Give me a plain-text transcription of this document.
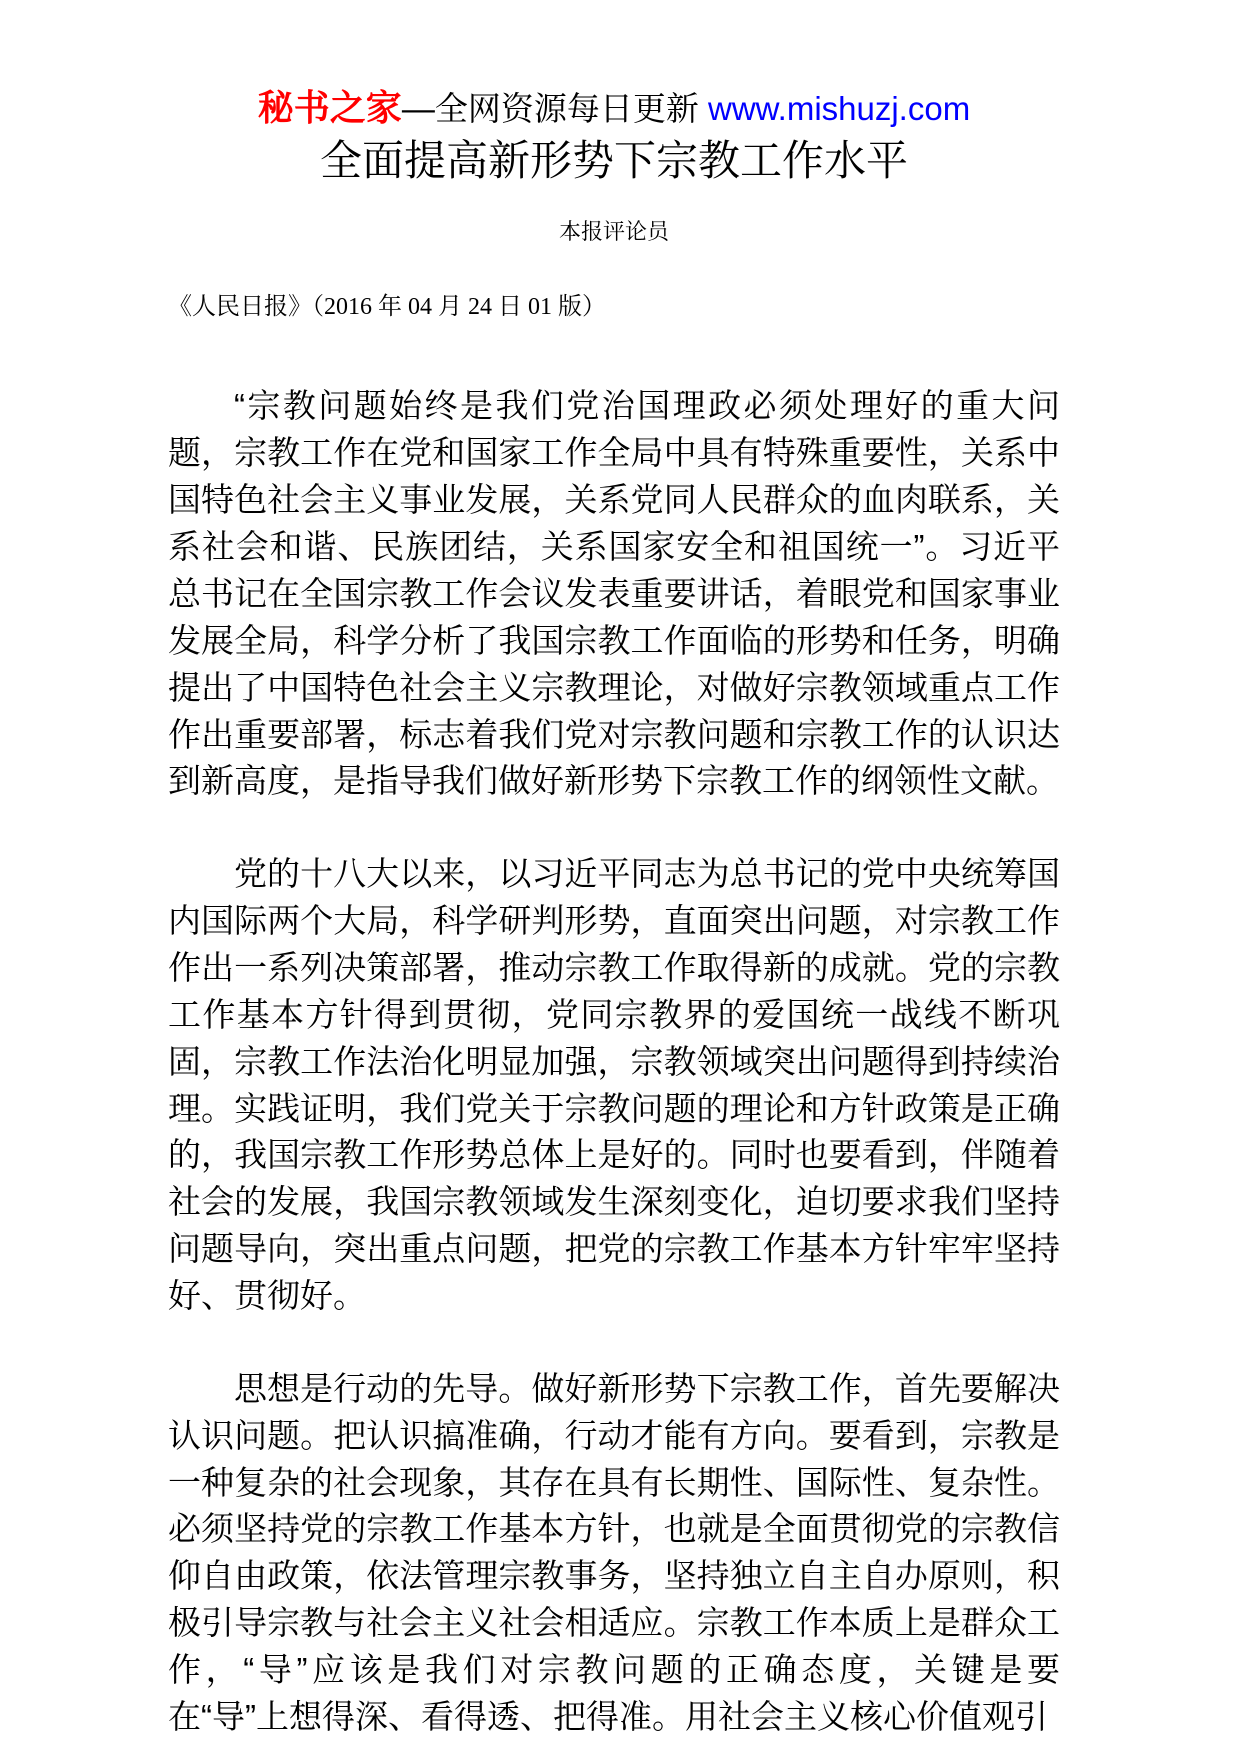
秘书之家—全网资源每日更新 www.mishuzj.com
全面提高新形势下宗教工作水平
本报评论员
《人民日报》（2016 年 04 月 24 日 01 版）

“宗教问题始终是我们党治国理政必须处理好的重大问题，宗教工作在党和国家工作全局中具有特殊重要性，关系中国特色社会主义事业发展，关系党同人民群众的血肉联系，关系社会和谐、民族团结，关系国家安全和祖国统一”。习近平总书记在全国宗教工作会议发表重要讲话，着眼党和国家事业发展全局，科学分析了我国宗教工作面临的形势和任务，明确提出了中国特色社会主义宗教理论，对做好宗教领域重点工作作出重要部署，标志着我们党对宗教问题和宗教工作的认识达到新高度，是指导我们做好新形势下宗教工作的纲领性文献。

党的十八大以来，以习近平同志为总书记的党中央统筹国内国际两个大局，科学研判形势，直面突出问题，对宗教工作作出一系列决策部署，推动宗教工作取得新的成就。党的宗教工作基本方针得到贯彻，党同宗教界的爱国统一战线不断巩固，宗教工作法治化明显加强，宗教领域突出问题得到持续治理。实践证明，我们党关于宗教问题的理论和方针政策是正确的，我国宗教工作形势总体上是好的。同时也要看到，伴随着社会的发展，我国宗教领域发生深刻变化，迫切要求我们坚持问题导向，突出重点问题，把党的宗教工作基本方针牢牢坚持好、贯彻好。

思想是行动的先导。做好新形势下宗教工作，首先要解决认识问题。把认识搞准确，行动才能有方向。要看到，宗教是一种复杂的社会现象，其存在具有长期性、国际性、复杂性。必须坚持党的宗教工作基本方针，也就是全面贯彻党的宗教信仰自由政策，依法管理宗教事务，坚持独立自主自办原则，积极引导宗教与社会主义社会相适应。宗教工作本质上是群众工作，“导”应该是我们对宗教问题的正确态度，关键是要在“导”上想得深、看得透、把得准。用社会主义核心价值观引
